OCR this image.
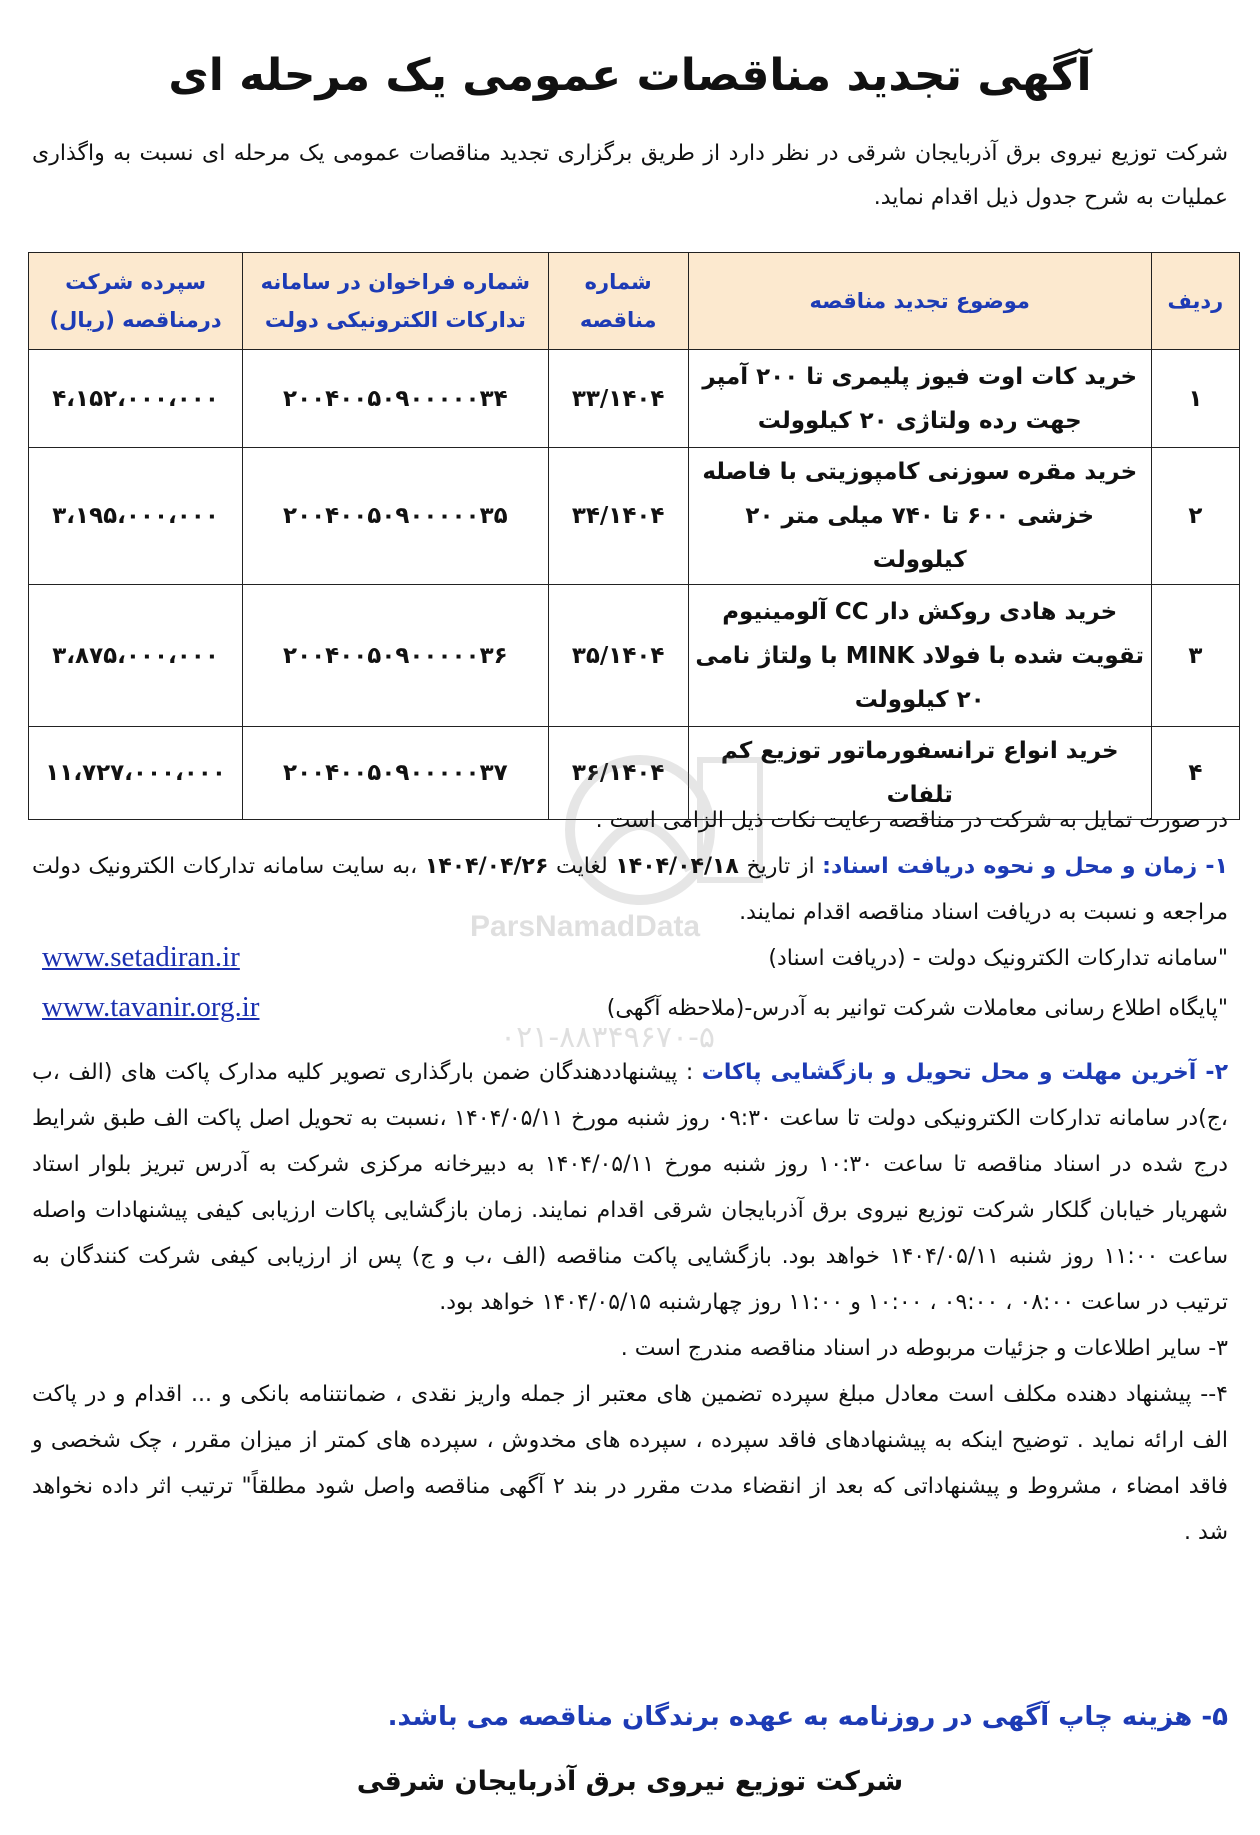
آگهی تجدید مناقصات عمومی یک مرحله ای
شرکت توزیع نیروی برق آذربایجان شرقی در نظر دارد از طریق برگزاری تجدید مناقصات عمومی یک مرحله ای نسبت به واگذاری عملیات به شرح جدول ذیل اقدام نماید.
ردیف	موضوع تجدید مناقصه	شماره مناقصه	شماره فراخوان در سامانه تدارکات الکترونیکی دولت	سپرده شرکت درمناقصه (ریال)
۱	خرید کات اوت فیوز پلیمری تا ۲۰۰ آمپر جهت رده ولتاژی ۲۰ کیلوولت	۳۳/۱۴۰۴	۲۰۰۴۰۰۵۰۹۰۰۰۰۰۳۴	۴،۱۵۲،۰۰۰،۰۰۰
۲	خرید مقره سوزنی کامپوزیتی با فاصله خزشی ۶۰۰ تا ۷۴۰ میلی متر ۲۰ کیلوولت	۳۴/۱۴۰۴	۲۰۰۴۰۰۵۰۹۰۰۰۰۰۳۵	۳،۱۹۵،۰۰۰،۰۰۰
۳	خرید هادی روکش دار CC آلومینیوم تقویت شده با فولاد MINK با ولتاژ نامی ۲۰ کیلوولت	۳۵/۱۴۰۴	۲۰۰۴۰۰۵۰۹۰۰۰۰۰۳۶	۳،۸۷۵،۰۰۰،۰۰۰
۴	خرید انواع ترانسفورماتور توزیع کم تلفات	۳۶/۱۴۰۴	۲۰۰۴۰۰۵۰۹۰۰۰۰۰۳۷	۱۱،۷۲۷،۰۰۰،۰۰۰
ParsNamadData
۰۲۱-۸۸۳۴۹۶۷۰-۵

در صورت تمایل به شرکت در مناقصه رعایت نکات ذیل الزامی است .

۱- زمان و محل و نحوه دریافت اسناد: از تاریخ ۱۴۰۴/۰۴/۱۸ لغایت ۱۴۰۴/۰۴/۲۶ ،به سایت سامانه تدارکات الکترونیک دولت مراجعه و نسبت به دریافت اسناد مناقصه اقدام نمایند.

"سامانه تدارکات الکترونیک دولت - (دریافت اسناد)
www.setadiran.ir
"پایگاه اطلاع رسانی معاملات شرکت توانیر به آدرس-(ملاحظه آگهی)
www.tavanir.org.ir

۲- آخرین مهلت و محل تحویل و بازگشایی پاکات : پیشنهاددهندگان ضمن بارگذاری تصویر کلیه مدارک پاکت های (الف ،ب ،ج)در سامانه تدارکات الکترونیکی دولت تا ساعت ۰۹:۳۰ روز شنبه مورخ ۱۴۰۴/۰۵/۱۱ ،نسبت به تحویل اصل پاکت الف طبق شرایط درج شده در اسناد مناقصه تا ساعت ۱۰:۳۰ روز شنبه مورخ ۱۴۰۴/۰۵/۱۱ به دبیرخانه مرکزی شرکت به آدرس تبریز بلوار استاد شهریار خیابان گلکار شرکت توزیع نیروی برق آذربایجان شرقی اقدام نمایند. زمان بازگشایی پاکات ارزیابی کیفی پیشنهادات واصله ساعت ۱۱:۰۰ روز شنبه ۱۴۰۴/۰۵/۱۱ خواهد بود. بازگشایی پاکت مناقصه (الف ،ب و ج) پس از ارزیابی کیفی شرکت کنندگان به ترتیب در ساعت ۰۸:۰۰ ، ۰۹:۰۰ ، ۱۰:۰۰ و ۱۱:۰۰ روز چهارشنبه ۱۴۰۴/۰۵/۱۵ خواهد بود.

۳- سایر اطلاعات و جزئیات مربوطه در اسناد مناقصه مندرج است .

۴-- پیشنهاد دهنده مکلف است معادل مبلغ سپرده تضمین های معتبر از جمله واریز نقدی ، ضمانتنامه بانکی و ... اقدام و در پاکت الف ارائه نماید . توضیح اینکه به پیشنهادهای فاقد سپرده ، سپرده های مخدوش ، سپرده های کمتر از میزان مقرر ، چک شخصی و فاقد امضاء ، مشروط و پیشنهاداتی که بعد از انقضاء مدت مقرر در بند ۲ آگهی مناقصه واصل شود مطلقاً" ترتیب اثر داده نخواهد شد .

۵- هزینه چاپ آگهی در روزنامه به عهده برندگان مناقصه می باشد.
شرکت توزیع نیروی برق آذربایجان شرقی
